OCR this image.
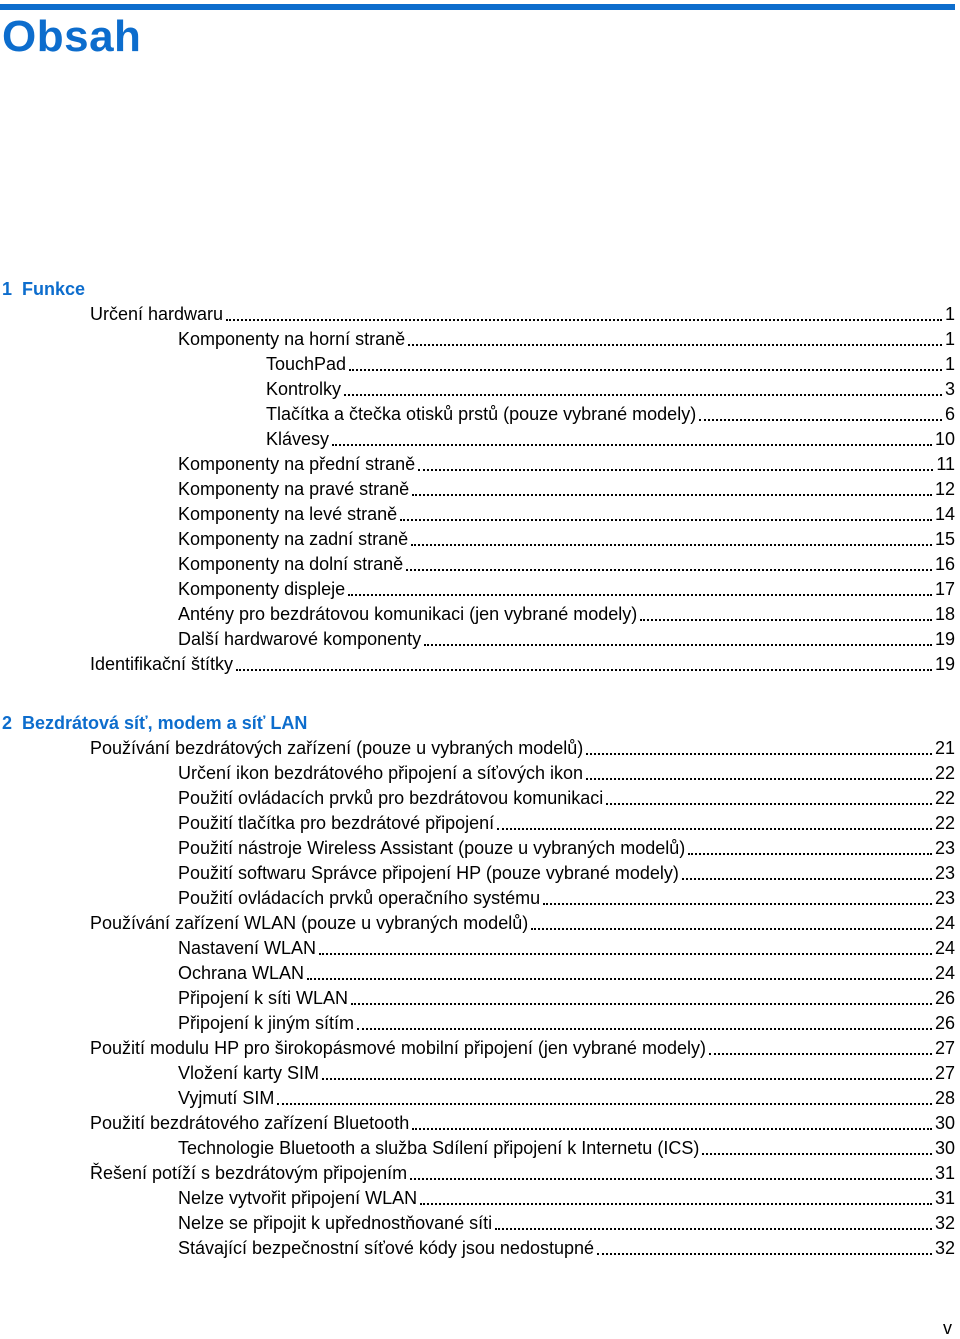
Obsah
1 Funkce
Určení hardwaru	1
Komponenty na horní straně	1
TouchPad	1
Kontrolky	3
Tlačítka a čtečka otisků prstů (pouze vybrané modely)	6
Klávesy	10
Komponenty na přední straně	11
Komponenty na pravé straně	12
Komponenty na levé straně	14
Komponenty na zadní straně	15
Komponenty na dolní straně	16
Komponenty displeje	17
Antény pro bezdrátovou komunikaci (jen vybrané modely)	18
Další hardwarové komponenty	19
Identifikační štítky	19
2 Bezdrátová síť, modem a síť LAN
Používání bezdrátových zařízení (pouze u vybraných modelů)	21
Určení ikon bezdrátového připojení a síťových ikon	22
Použití ovládacích prvků pro bezdrátovou komunikaci	22
Použití tlačítka pro bezdrátové připojení	22
Použití nástroje Wireless Assistant (pouze u vybraných modelů)	23
Použití softwaru Správce připojení HP (pouze vybrané modely)	23
Použití ovládacích prvků operačního systému	23
Používání zařízení WLAN (pouze u vybraných modelů)	24
Nastavení WLAN	24
Ochrana WLAN	24
Připojení k síti WLAN	26
Připojení k jiným sítím	26
Použití modulu HP pro širokopásmové mobilní připojení (jen vybrané modely)	27
Vložení karty SIM	27
Vyjmutí SIM	28
Použití bezdrátového zařízení Bluetooth	30
Technologie Bluetooth a služba Sdílení připojení k Internetu (ICS)	30
Řešení potíží s bezdrátovým připojením	31
Nelze vytvořit připojení WLAN	31
Nelze se připojit k upřednostňované síti	32
Stávající bezpečnostní síťové kódy jsou nedostupné	32
v
